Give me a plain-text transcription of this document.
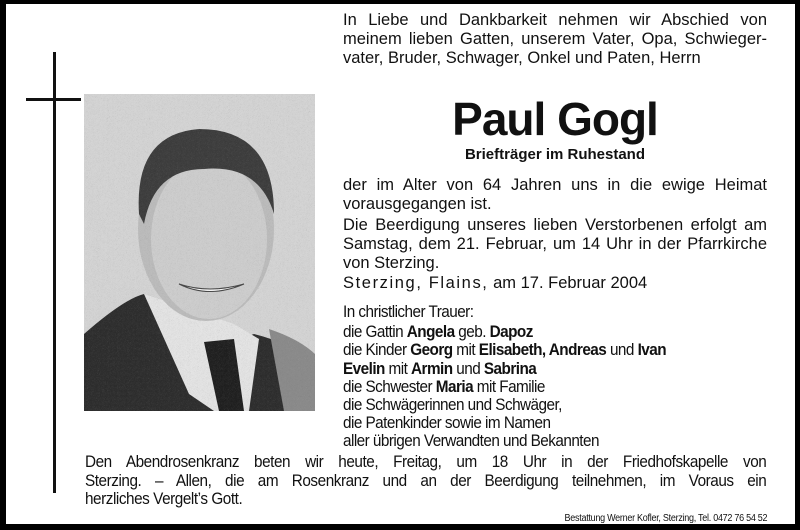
In Liebe und Dankbarkeit nehmen wir Abschied von
meinem lieben Gatten, unserem Vater, Opa, Schwieger-
vater, Bruder, Schwager, Onkel und Paten, Herrn
Paul Gogl
Briefträger im Ruhestand
der im Alter von 64 Jahren uns in die ewige Heimat
vorausgegangen ist.
Die Beerdigung unseres lieben Verstorbenen erfolgt am
Samstag, dem 21. Februar, um 14 Uhr in der Pfarrkirche
von Sterzing.
Sterzing, Flains, am 17. Februar 2004
In christlicher Trauer:
die Gattin Angela geb. Dapoz
die Kinder Georg mit Elisabeth, Andreas und Ivan
Evelin mit Armin und Sabrina
die Schwester Maria mit Familie
die Schwägerinnen und Schwäger,
die Patenkinder sowie im Namen
aller übrigen Verwandten und Bekannten
Den Abendrosenkranz beten wir heute, Freitag, um 18 Uhr in der Friedhofskapelle von
Sterzing. – Allen, die am Rosenkranz und an der Beerdigung teilnehmen, im Voraus ein
herzliches Vergelt’s Gott.
Bestattung Werner Kofler, Sterzing, Tel. 0472 76 54 52
